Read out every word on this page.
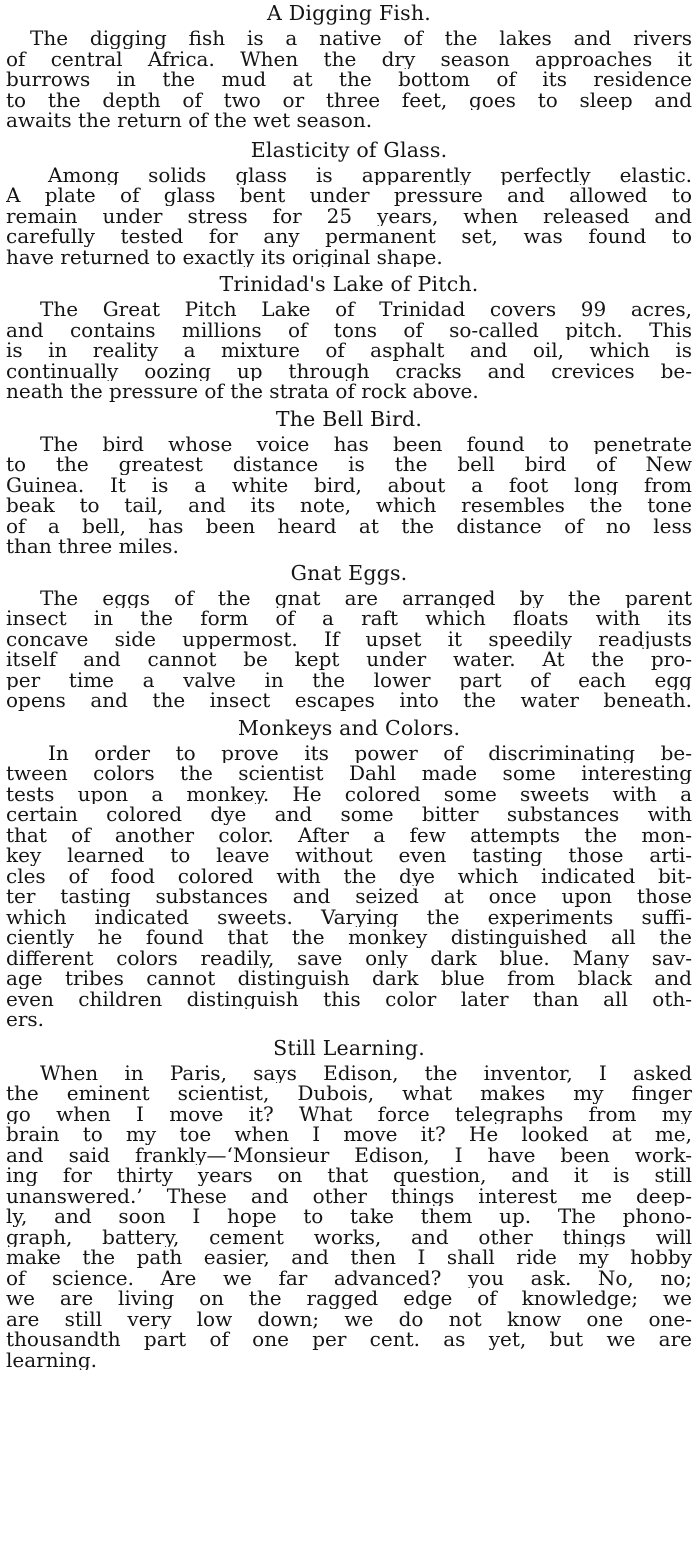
A Digging Fish.
The digging fish is a native of the lakes and rivers
of central Africa. When the dry season approaches it
burrows in the mud at the bottom of its residence
to the depth of two or three feet, goes to sleep and
awaits the return of the wet season.
Elasticity of Glass.
Among solids glass is apparently perfectly elastic.
A plate of glass bent under pressure and allowed to
remain under stress for 25 years, when released and
carefully tested for any permanent set, was found to
have returned to exactly its original shape.
Trinidad's Lake of Pitch.
The Great Pitch Lake of Trinidad covers 99 acres,
and contains millions of tons of so-called pitch. This
is in reality a mixture of asphalt and oil, which is
continually oozing up through cracks and crevices be-
neath the pressure of the strata of rock above.
The Bell Bird.
The bird whose voice has been found to penetrate
to the greatest distance is the bell bird of New
Guinea. It is a white bird, about a foot long from
beak to tail, and its note, which resembles the tone
of a bell, has been heard at the distance of no less
than three miles.
Gnat Eggs.
The eggs of the gnat are arranged by the parent
insect in the form of a raft which floats with its
concave side uppermost. If upset it speedily readjusts
itself and cannot be kept under water. At the pro-
per time a valve in the lower part of each egg
opens and the insect escapes into the water beneath.
Monkeys and Colors.
In order to prove its power of discriminating be-
tween colors the scientist Dahl made some interesting
tests upon a monkey. He colored some sweets with a
certain colored dye and some bitter substances with
that of another color. After a few attempts the mon-
key learned to leave without even tasting those arti-
cles of food colored with the dye which indicated bit-
ter tasting substances and seized at once upon those
which indicated sweets. Varying the experiments suffi-
ciently he found that the monkey distinguished all the
different colors readily, save only dark blue. Many sav-
age tribes cannot distinguish dark blue from black and
even children distinguish this color later than all oth-
ers.
Still Learning.
When in Paris, says Edison, the inventor, I asked
the eminent scientist, Dubois, what makes my finger
go when I move it? What force telegraphs from my
brain to my toe when I move it? He looked at me,
and said frankly—‘Monsieur Edison, I have been work-
ing for thirty years on that question, and it is still
unanswered.’ These and other things interest me deep-
ly, and soon I hope to take them up. The phono-
graph, battery, cement works, and other things will
make the path easier, and then I shall ride my hobby
of science. Are we far advanced? you ask. No, no;
we are living on the ragged edge of knowledge; we
are still very low down; we do not know one one-
thousandth part of one per cent. as yet, but we are
learning.
